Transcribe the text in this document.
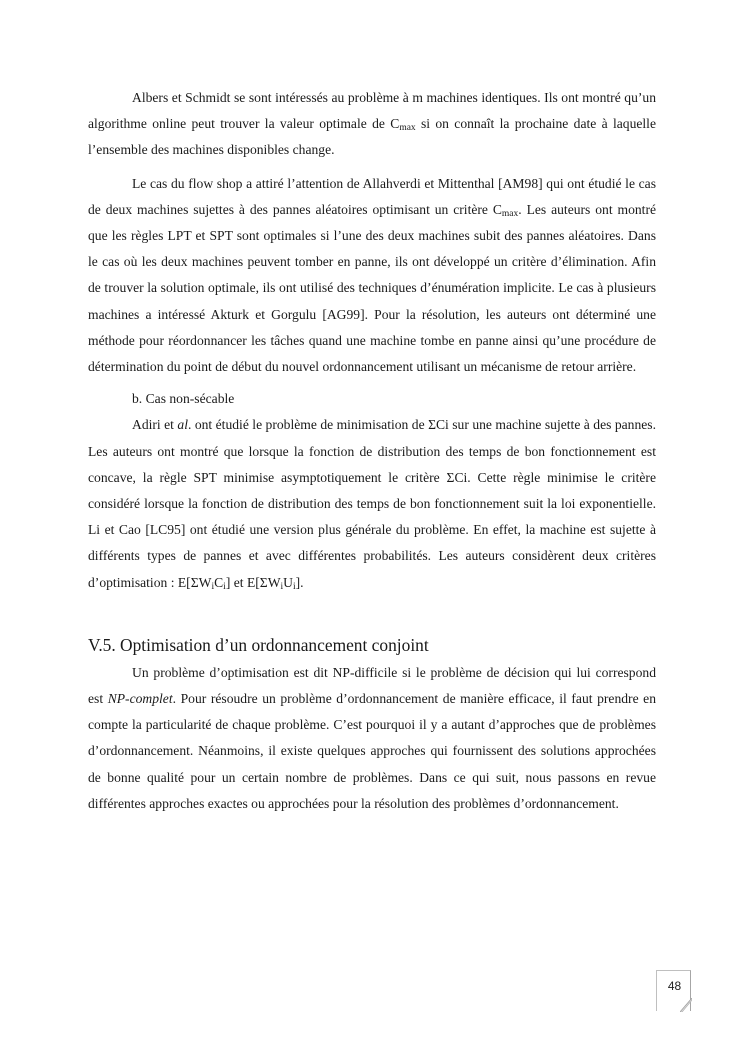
Albers et Schmidt se sont intéressés au problème à m machines identiques. Ils ont montré qu’un algorithme online peut trouver la valeur optimale de $C_{max}$ si on connaît la prochaine date à laquelle l’ensemble des machines disponibles change.

Le cas du flow shop a attiré l’attention de Allahverdi et Mittenthal [AM98] qui ont étudié le cas de deux machines sujettes à des pannes aléatoires optimisant un critère $C_{max}$. Les auteurs ont montré que les règles LPT et SPT sont optimales si l’une des deux machines subit des pannes aléatoires. Dans le cas où les deux machines peuvent tomber en panne, ils ont développé un critère d’élimination. Afin de trouver la solution optimale, ils ont utilisé des techniques d’énumération implicite. Le cas à plusieurs machines a intéressé Akturk et Gorgulu [AG99]. Pour la résolution, les auteurs ont déterminé une méthode pour réordonnancer les tâches quand une machine tombe en panne ainsi qu’une procédure de détermination du point de début du nouvel ordonnancement utilisant un mécanisme de retour arrière.

b. Cas non-sécable

Adiri et al. ont étudié le problème de minimisation de ΣCi sur une machine sujette à des pannes. Les auteurs ont montré que lorsque la fonction de distribution des temps de bon fonctionnement est concave, la règle SPT minimise asymptotiquement le critère ΣCi. Cette règle minimise le critère considéré lorsque la fonction de distribution des temps de bon fonctionnement suit la loi exponentielle. Li et Cao [LC95] ont étudié une version plus générale du problème. En effet, la machine est sujette à différents types de pannes et avec différentes probabilités. Les auteurs considèrent deux critères d’optimisation : $E[\Sigma W_iC_i]$ et $E[\Sigma W_iU_i]$.

V.5. Optimisation d’un ordonnancement conjoint

Un problème d’optimisation est dit NP-difficile si le problème de décision qui lui correspond est NP-complet. Pour résoudre un problème d’ordonnancement de manière efficace, il faut prendre en compte la particularité de chaque problème. C’est pourquoi il y a autant d’approches que de problèmes d’ordonnancement. Néanmoins, il existe quelques approches qui fournissent des solutions approchées de bonne qualité pour un certain nombre de problèmes. Dans ce qui suit, nous passons en revue différentes approches exactes ou approchées pour la résolution des problèmes d’ordonnancement.

48
